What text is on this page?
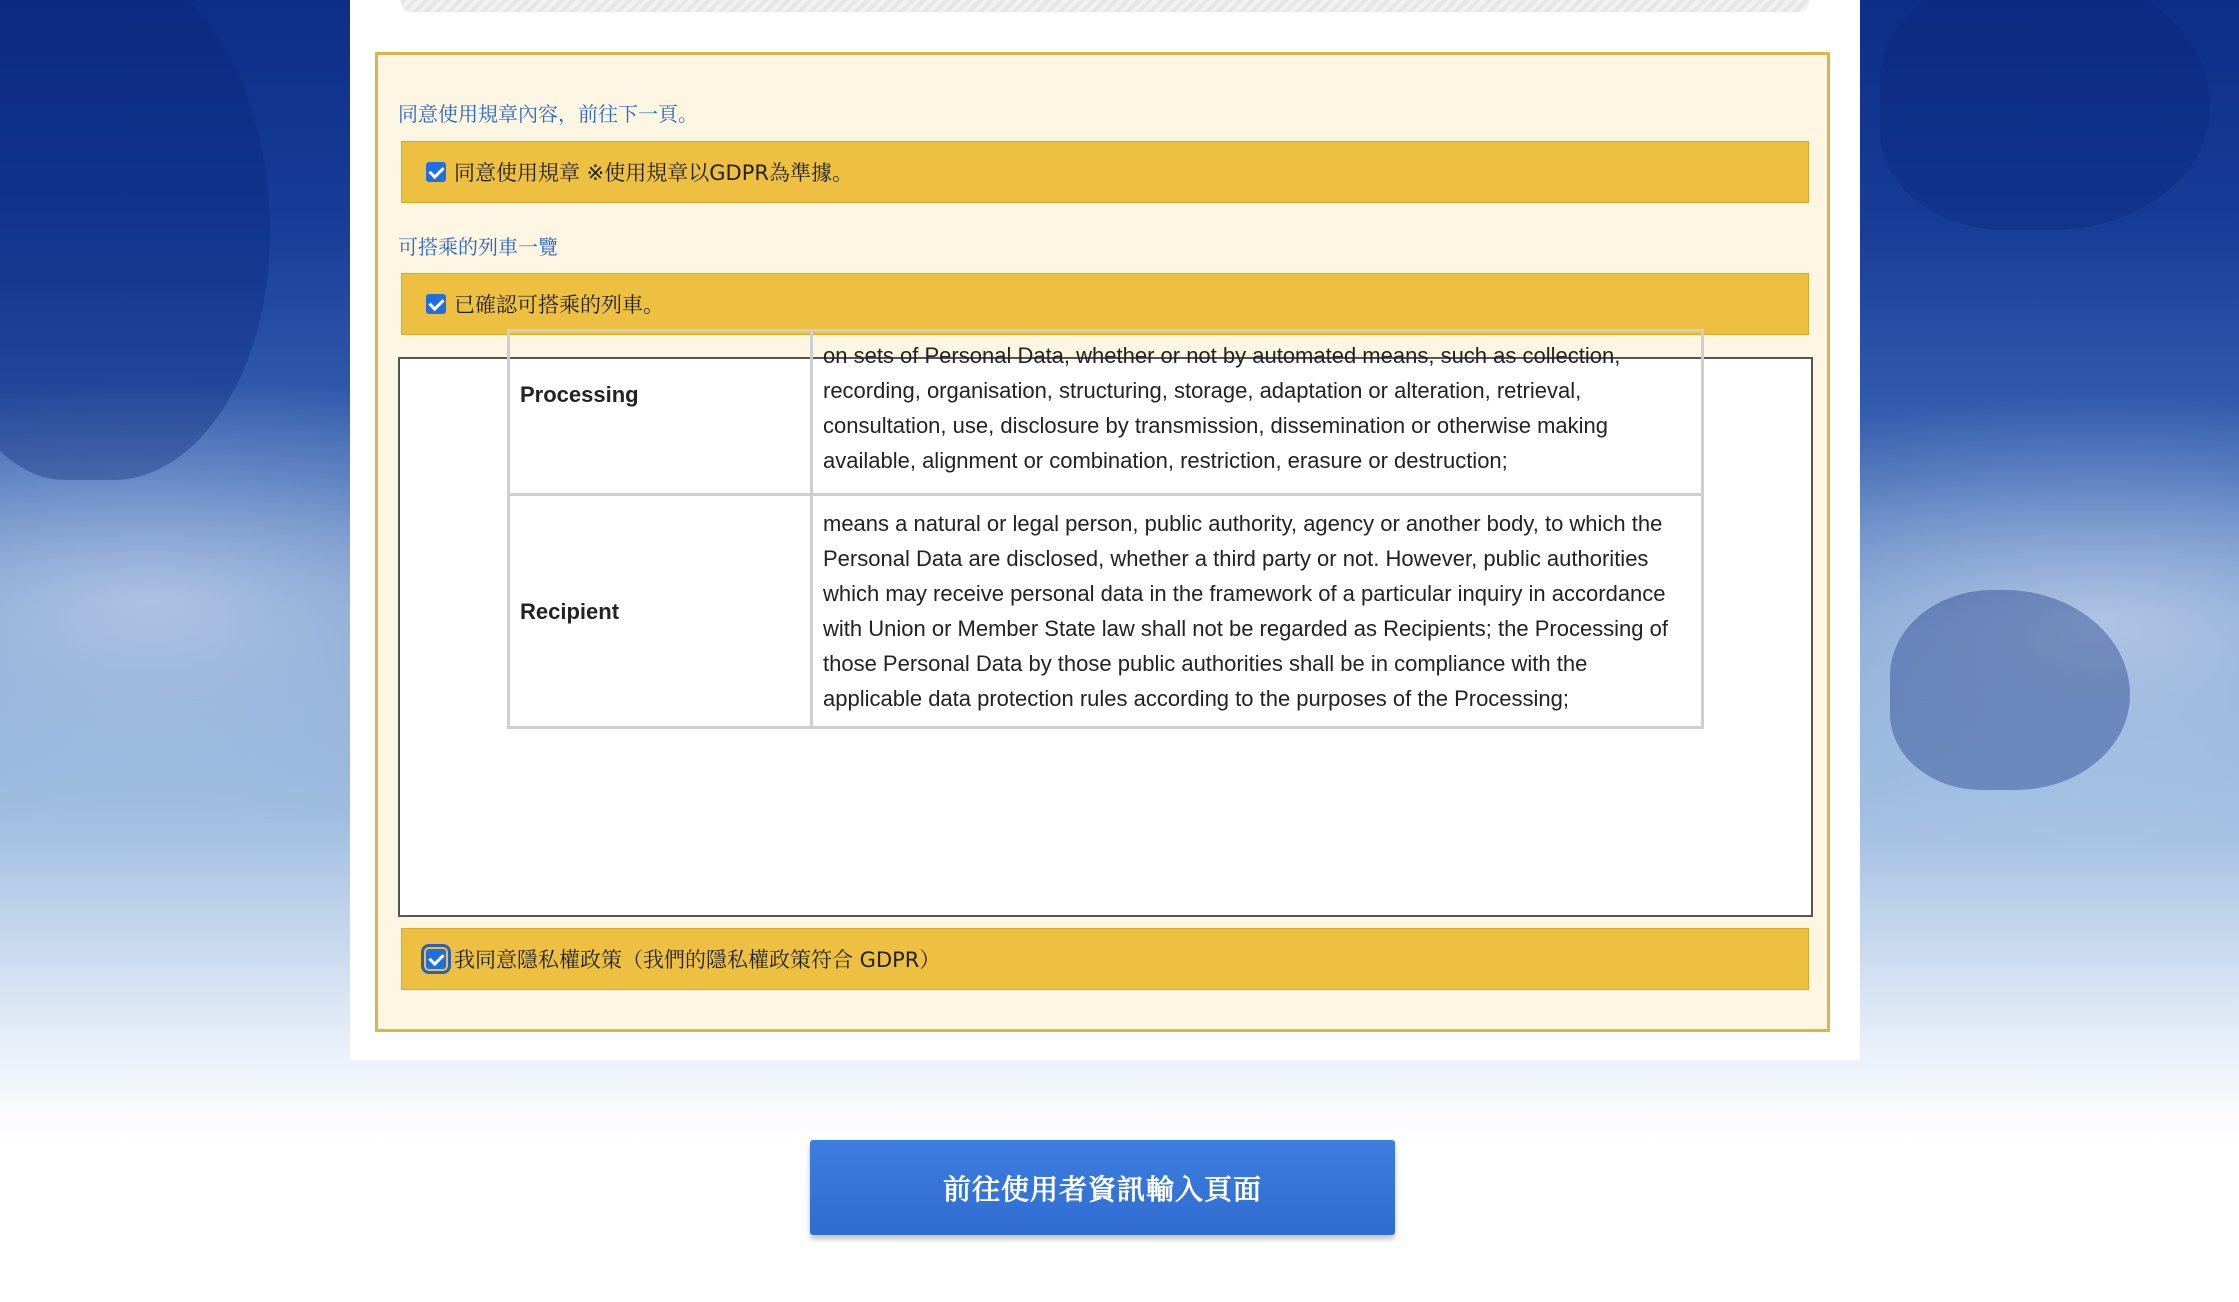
同意使用規章內容，前往下一頁。
同意使用規章 ※使用規章以GDPR為準據。
可搭乘的列車一覽
已確認可搭乘的列車。
Processing	on sets of Personal Data, whether or not by automated means, such as collection, recording, organisation, structuring, storage, adaptation or alteration, retrieval, consultation, use, disclosure by transmission, dissemination or otherwise making available, alignment or combination, restriction, erasure or destruction;
Recipient	means a natural or legal person, public authority, agency or another body, to which the Personal Data are disclosed, whether a third party or not. However, public authorities which may receive personal data in the framework of a particular inquiry in accordance with Union or Member State law shall not be regarded as Recipients; the Processing of those Personal Data by those public authorities shall be in compliance with the applicable data protection rules according to the purposes of the Processing;
我同意隱私權政策（我們的隱私權政策符合 GDPR）
前往使用者資訊輸入頁面
